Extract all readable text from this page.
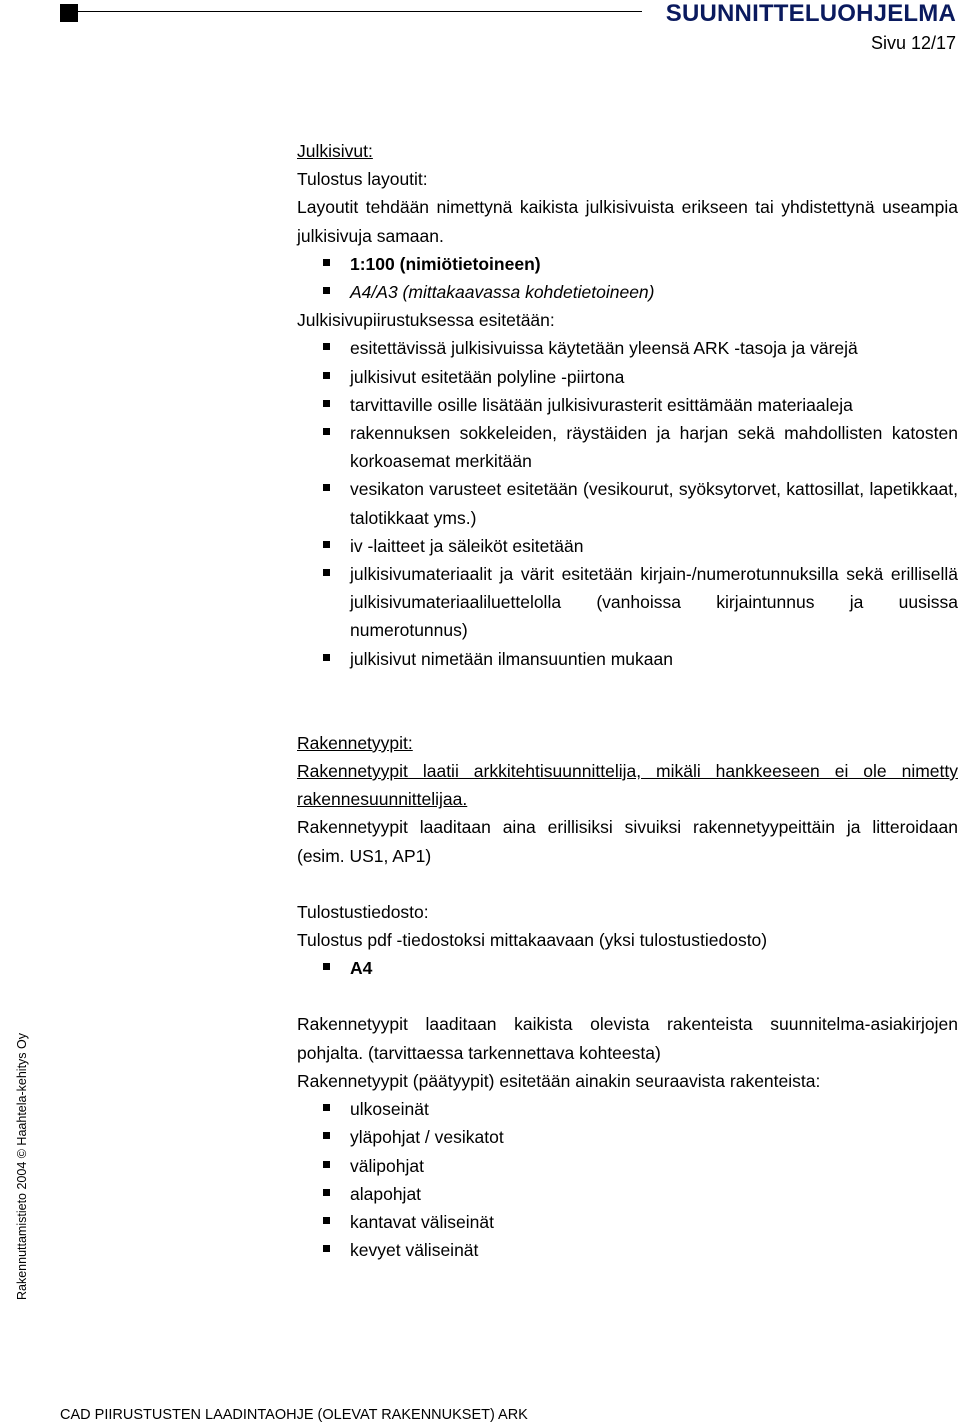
SUUNNITTELUOHJELMA
Sivu 12/17
Rakennuttamistieto 2004 © Haahtela-kehitys Oy

Julkisivut:

Tulostus layoutit:

Layoutit tehdään nimettynä kaikista julkisivuista erikseen tai yhdistettynä useampia julkisivuja samaan.

1:100 (nimiötietoineen)
A4/A3 (mittakaavassa kohdetietoineen)

Julkisivupiirustuksessa esitetään:

esitettävissä julkisivuissa käytetään yleensä ARK -tasoja ja värejä
julkisivut esitetään polyline -piirtona
tarvittaville osille lisätään julkisivurasterit esittämään materiaaleja
rakennuksen sokkeleiden, räystäiden ja harjan sekä mahdollisten katosten korkoasemat merkitään
vesikaton varusteet esitetään (vesikourut, syöksytorvet, kattosillat, lapetikkaat, talotikkaat yms.)
iv -laitteet ja säleiköt esitetään
julkisivumateriaalit ja värit esitetään kirjain-/numerotunnuksilla sekä erillisellä julkisivumateriaaliluettelolla (vanhoissa kirjaintunnus ja uusissa numerotunnus)
julkisivut nimetään ilmansuuntien mukaan

Rakennetyypit:

Rakennetyypit laatii arkkitehtisuunnittelija, mikäli hankkeeseen ei ole nimetty rakennesuunnittelijaa.

Rakennetyypit laaditaan aina erillisiksi sivuiksi rakennetyypeittäin ja litteroidaan (esim. US1, AP1)

Tulostustiedosto:

Tulostus pdf -tiedostoksi mittakaavaan (yksi tulostustiedosto)

A4

Rakennetyypit laaditaan kaikista olevista rakenteista suunnitelma-asiakirjojen pohjalta. (tarvittaessa tarkennettava kohteesta)

Rakennetyypit (päätyypit) esitetään ainakin seuraavista rakenteista:

ulkoseinät
yläpohjat / vesikatot
välipohjat
alapohjat
kantavat väliseinät
kevyet väliseinät
CAD PIIRUSTUSTEN LAADINTAOHJE (OLEVAT RAKENNUKSET) ARK
